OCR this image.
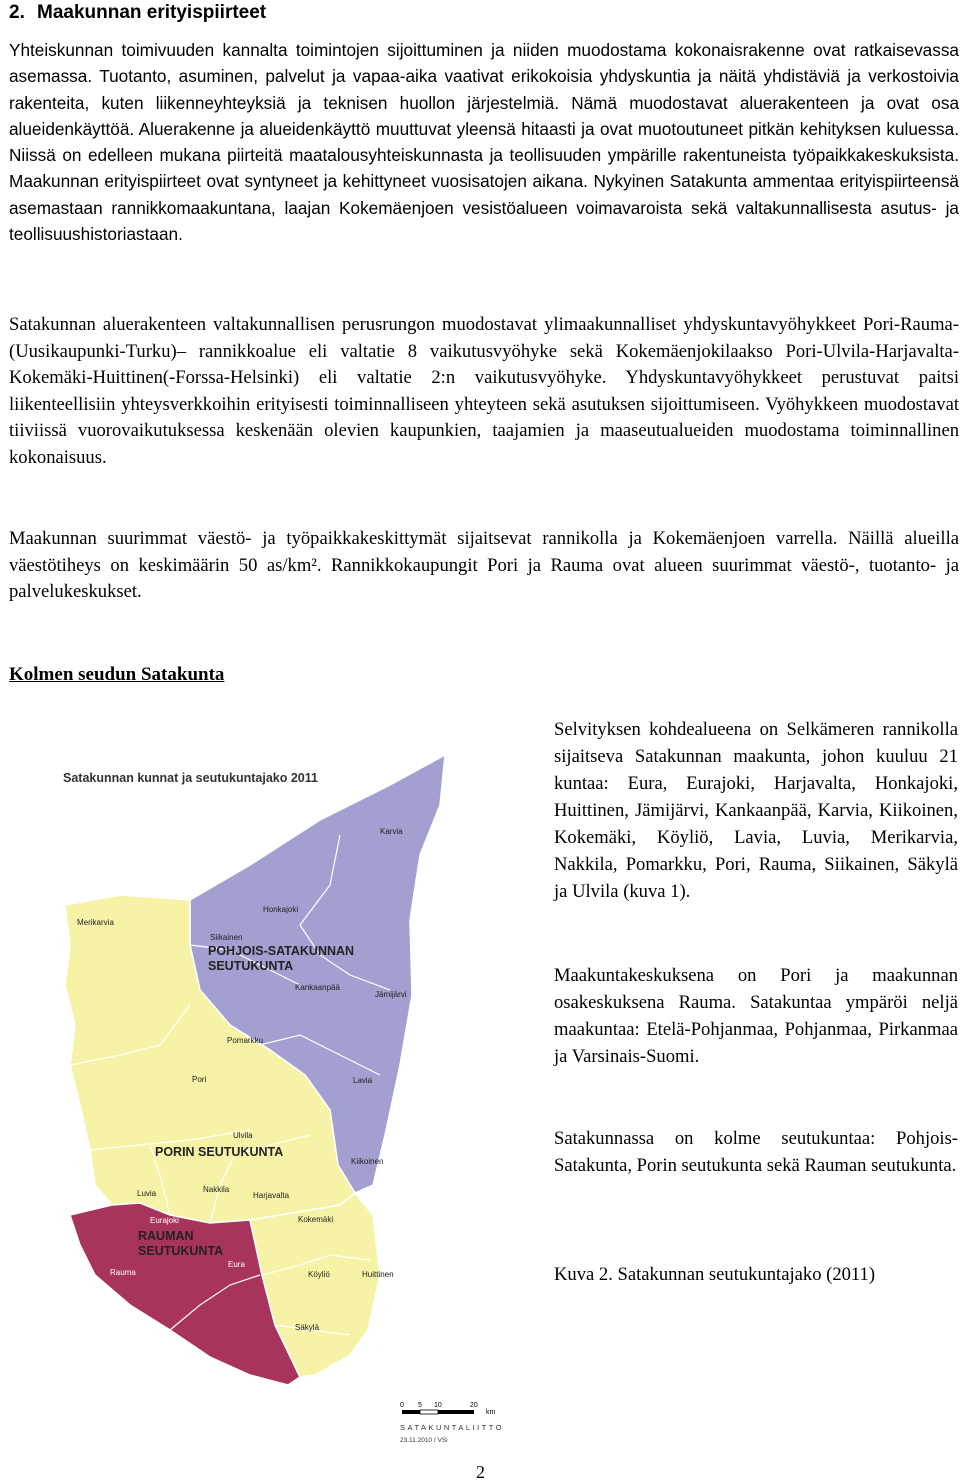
2. Maakunnan erityispiirteet
Yhteiskunnan toimivuuden kannalta toimintojen sijoittuminen ja niiden muodostama kokonaisrakenne ovat ratkaisevassa asemassa. Tuotanto, asuminen, palvelut ja vapaa-aika vaativat erikokoisia yhdyskuntia ja näitä yhdistäviä ja verkostoivia rakenteita, kuten liikenneyhteyksiä ja teknisen huollon järjestelmiä. Nämä muodostavat aluerakenteen ja ovat osa alueidenkäyttöä. Aluerakenne ja alueidenkäyttö muuttuvat yleensä hitaasti ja ovat muotoutuneet pitkän kehityksen kuluessa. Niissä on edelleen mukana piirteitä maatalousyhteiskunnasta ja teollisuuden ympärille rakentuneista työpaikkakeskuksista. Maakunnan erityispiirteet ovat syntyneet ja kehittyneet vuosisatojen aikana. Nykyinen Satakunta ammentaa erityispiirteensä asemastaan rannikkomaakuntana, laajan Kokemäenjoen vesistöalueen voimavaroista sekä valtakunnallisesta asutus- ja teollisuushistoriastaan.
Satakunnan aluerakenteen valtakunnallisen perusrungon muodostavat ylimaakunnalliset yhdyskuntavyöhykkeet Pori-Rauma-(Uusikaupunki-Turku)– rannikkoalue eli valtatie 8 vaikutusvyöhyke sekä Kokemäenjokilaakso Pori-Ulvila-Harjavalta-Kokemäki-Huittinen(-Forssa-Helsinki) eli valtatie 2:n vaikutusvyöhyke. Yhdyskuntavyöhykkeet perustuvat paitsi liikenteellisiin yhteysverkkoihin erityisesti toiminnalliseen yhteyteen sekä asutuksen sijoittumiseen. Vyöhykkeen muodostavat tiiviissä vuorovaikutuksessa keskenään olevien kaupunkien, taajamien ja maaseutualueiden muodostama toiminnallinen kokonaisuus.
Maakunnan suurimmat väestö- ja työpaikkakeskittymät sijaitsevat rannikolla ja Kokemäenjoen varrella. Näillä alueilla väestötiheys on keskimäärin 50 as/km². Rannikkokaupungit Pori ja Rauma ovat alueen suurimmat väestö-, tuotanto- ja palvelukeskukset.
Kolmen seudun Satakunta
Selvityksen kohdealueena on Selkämeren rannikolla sijaitseva Satakunnan maakunta, johon kuuluu 21 kuntaa: Eura, Eurajoki, Harjavalta, Honkajoki, Huittinen, Jämijärvi, Kankaanpää, Karvia, Kiikoinen, Kokemäki, Köyliö, Lavia, Luvia, Merikarvia, Nakkila, Pomarkku, Pori, Rauma, Siikainen, Säkylä ja Ulvila (kuva 1).
Maakuntakeskuksena on Pori ja maakunnan osakeskuksena Rauma. Satakuntaa ympäröi neljä maakuntaa: Etelä-Pohjanmaa, Pohjanmaa, Pirkanmaa ja Varsinais-Suomi.
Satakunnassa on kolme seutukuntaa: Pohjois-Satakunta, Porin seutukunta sekä Rauman seutukunta.
Kuva 2. Satakunnan seutukuntajako (2011)
Satakunnan kunnat ja seutukuntajako 2011
Karvia
Honkajoki
Siikainen
Merikarvia
POHJOIS-SATAKUNNAN
SEUTUKUNTA
Kankaanpää
Jämijärvi
Pomarkku
Pori	Lavia
Ulvila
PORIN SEUTUKUNTA
Kiikoinen
Luvia	Nakkila
Harjavalta
Eurajoki	Kokemäki
RAUMAN
SEUTUKUNTA
Eura
Rauma	Köyliö	Huittinen
Säkylä
0 5 10	20
km
SATAKUNTALIITTO
23.11.2010 / VSi
2
